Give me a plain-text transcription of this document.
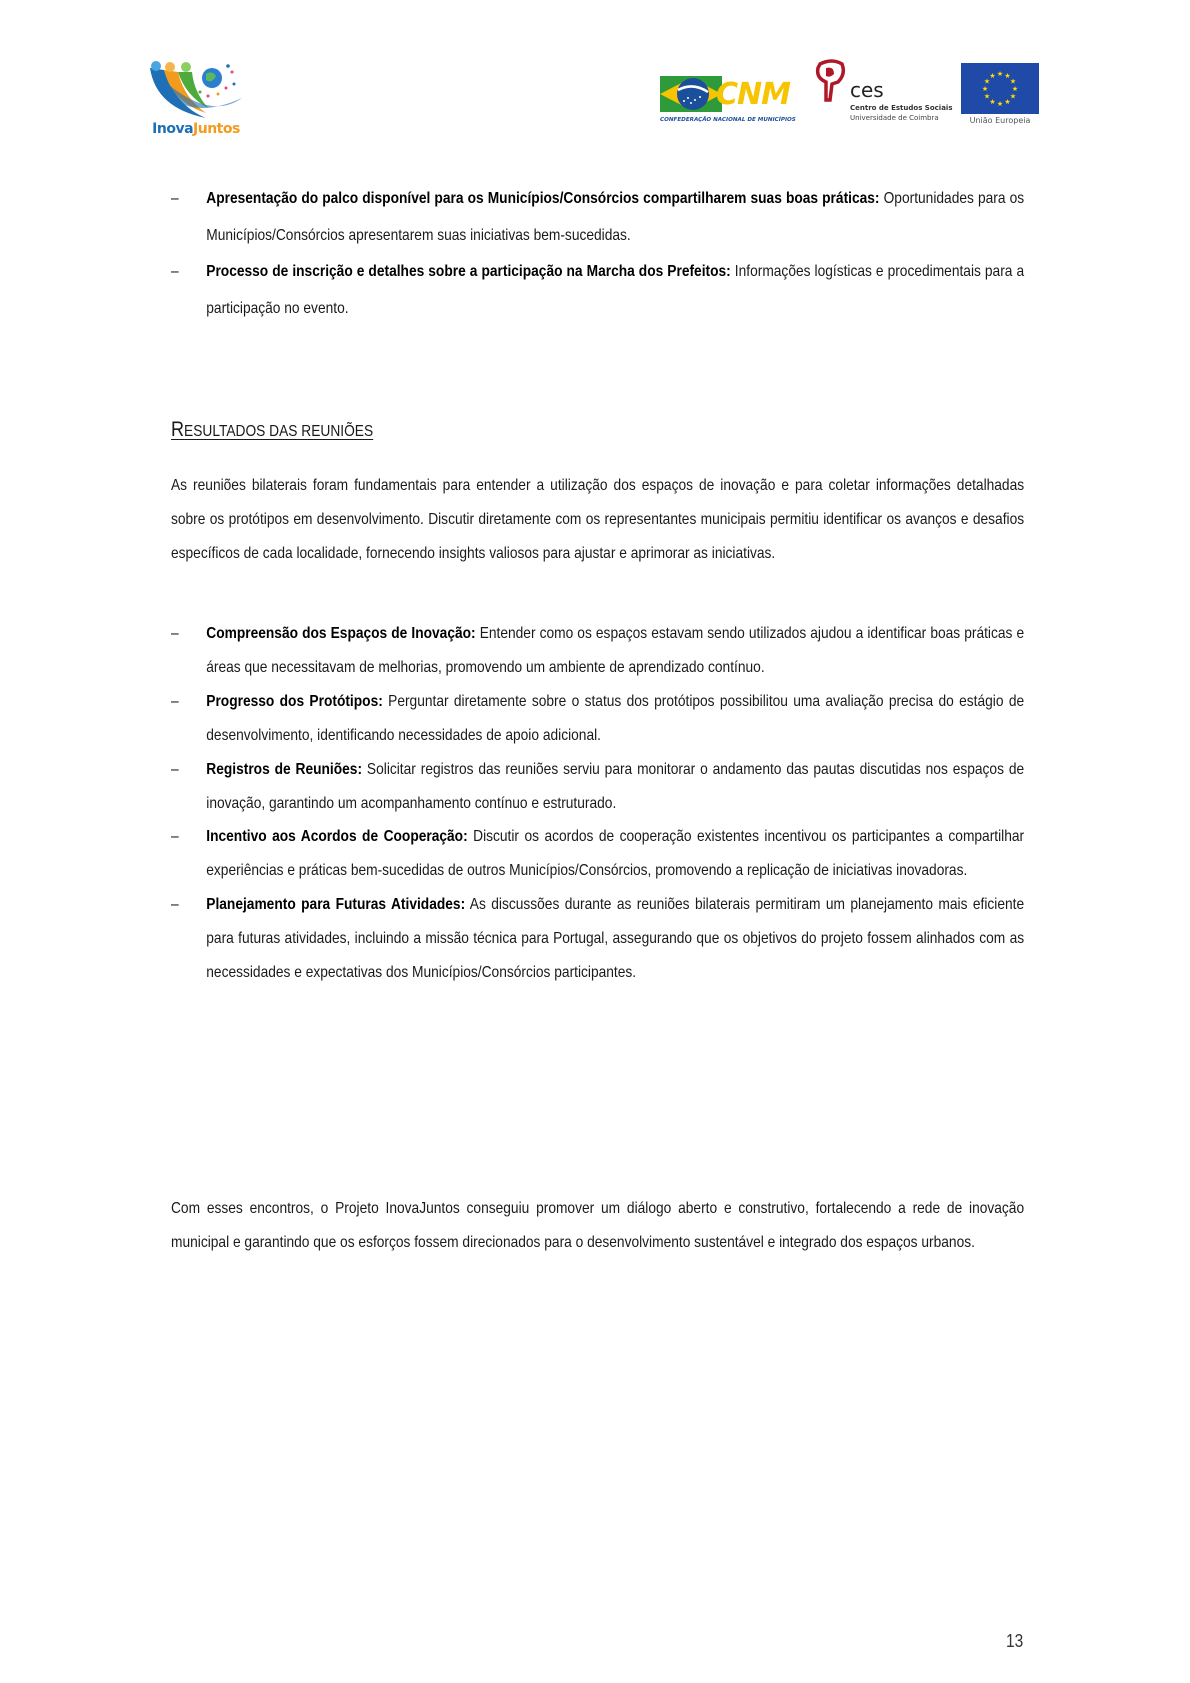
InovaJuntos
CNM
CONFEDERAÇÃO NACIONAL DE MUNICÍPIOS
ces
Centro de Estudos Sociais
Universidade de Coimbra
★ ★
★
★
★
★
★
★
★
★
★
★
União Europeia
– Apresentação do palco disponível para os Municípios/Consórcios compartilharem suas boas práticas: Oportunidades para os Municípios/Consórcios apresentarem suas iniciativas bem-sucedidas.
– Processo de inscrição e detalhes sobre a participação na Marcha dos Prefeitos: Informações logísticas e procedimentais para a participação no evento.
RESULTADOS DAS REUNIÕES

As reuniões bilaterais foram fundamentais para entender a utilização dos espaços de inovação e para coletar informações detalhadas sobre os protótipos em desenvolvimento. Discutir diretamente com os representantes municipais permitiu identificar os avanços e desafios específicos de cada localidade, fornecendo insights valiosos para ajustar e aprimorar as iniciativas.

– Compreensão dos Espaços de Inovação: Entender como os espaços estavam sendo utilizados ajudou a identificar boas práticas e áreas que necessitavam de melhorias, promovendo um ambiente de aprendizado contínuo.
– Progresso dos Protótipos: Perguntar diretamente sobre o status dos protótipos possibilitou uma avaliação precisa do estágio de desenvolvimento, identificando necessidades de apoio adicional.
– Registros de Reuniões: Solicitar registros das reuniões serviu para monitorar o andamento das pautas discutidas nos espaços de inovação, garantindo um acompanhamento contínuo e estruturado.
– Incentivo aos Acordos de Cooperação: Discutir os acordos de cooperação existentes incentivou os participantes a compartilhar experiências e práticas bem-sucedidas de outros Municípios/Consórcios, promovendo a replicação de iniciativas inovadoras.
– Planejamento para Futuras Atividades: As discussões durante as reuniões bilaterais permitiram um planejamento mais eficiente para futuras atividades, incluindo a missão técnica para Portugal, assegurando que os objetivos do projeto fossem alinhados com as necessidades e expectativas dos Municípios/Consórcios participantes.

Com esses encontros, o Projeto InovaJuntos conseguiu promover um diálogo aberto e construtivo, fortalecendo a rede de inovação municipal e garantindo que os esforços fossem direcionados para o desenvolvimento sustentável e integrado dos espaços urbanos.

13
